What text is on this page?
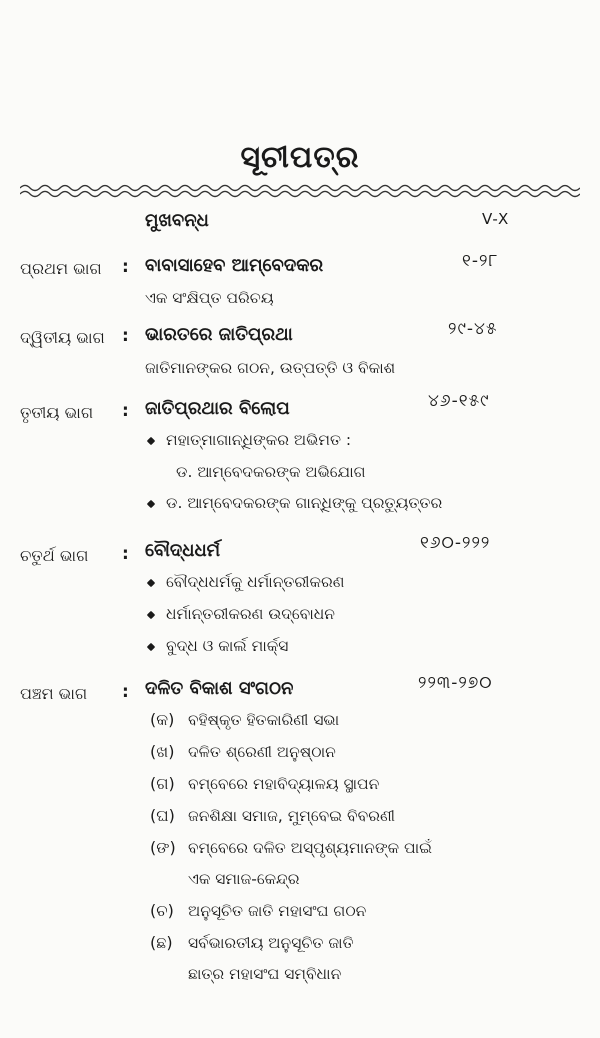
ସୂଚୀପତ୍ର
ମୁଖବନ୍ଧ	V-X
ପ୍ରଥମ ଭାଗ : ବାବାସାହେବ ଆମ୍ବେଦକର	୧-୨୮
ଏକ ସଂକ୍ଷିପ୍ତ ପରିଚୟ
ଦ୍ୱିତୀୟ ଭାଗ : ଭାରତରେ ଜାତିପ୍ରଥା	୨୯-୪୫
ଜାତିମାନଙ୍କର ଗଠନ, ଉତ୍ପତ୍ତି ଓ ବିକାଶ
ତୃତୀୟ ଭାଗ : ଜାତିପ୍ରଥାର ବିଲୋପ	୪୬-୧୫୯
ମହାତ୍ମାଗାନ୍ଧିଙ୍କର ଅଭିମତ :
ଡ. ଆମ୍ବେଦକରଙ୍କ ଅଭିଯୋଗ
ଡ. ଆମ୍ବେଦକରଙ୍କ ଗାନ୍ଧିଙ୍କୁ ପ୍ରତ୍ୟୁତ୍ତର
ଚତୁର୍ଥ ଭାଗ : ବୌଦ୍ଧଧର୍ମ	୧୬୦-୨୨୨
ବୌଦ୍ଧଧର୍ମକୁ ଧର୍ମାନ୍ତରୀକରଣ
ଧର୍ମାନ୍ତରୀକରଣ ଉଦ୍‌ବୋଧନ
ବୁଦ୍ଧ ଓ କାର୍ଲ ମାର୍କ୍ସ
ପଞ୍ଚମ ଭାଗ : ଦଳିତ ବିକାଶ ସଂଗଠନ	୨୨୩-୨୭୦
(କ) ବହିଷ୍କୃତ ହିତକାରିଣୀ ସଭା
(ଖ) ଦଳିତ ଶ୍ରେଣୀ ଅନୁଷ୍ଠାନ
(ଗ) ବମ୍ବେରେ ମହାବିଦ୍ୟାଳୟ ସ୍ଥାପନ
(ଘ) ଜନଶିକ୍ଷା ସମାଜ, ମୁମ୍ବେଇ ବିବରଣୀ
(ଙ) ବମ୍ବେରେ ଦଳିତ ଅସ୍ପୃଶ୍ୟମାନଙ୍କ ପାଇଁ
ଏକ ସମାଜ-କେନ୍ଦ୍ର
(ଚ) ଅନୁସୂଚିତ ଜାତି ମହାସଂଘ ଗଠନ
(ଛ) ସର୍ବଭାରତୀୟ ଅନୁସୂଚିତ ଜାତି
ଛାତ୍ର ମହାସଂଘ ସମ୍ବିଧାନ
